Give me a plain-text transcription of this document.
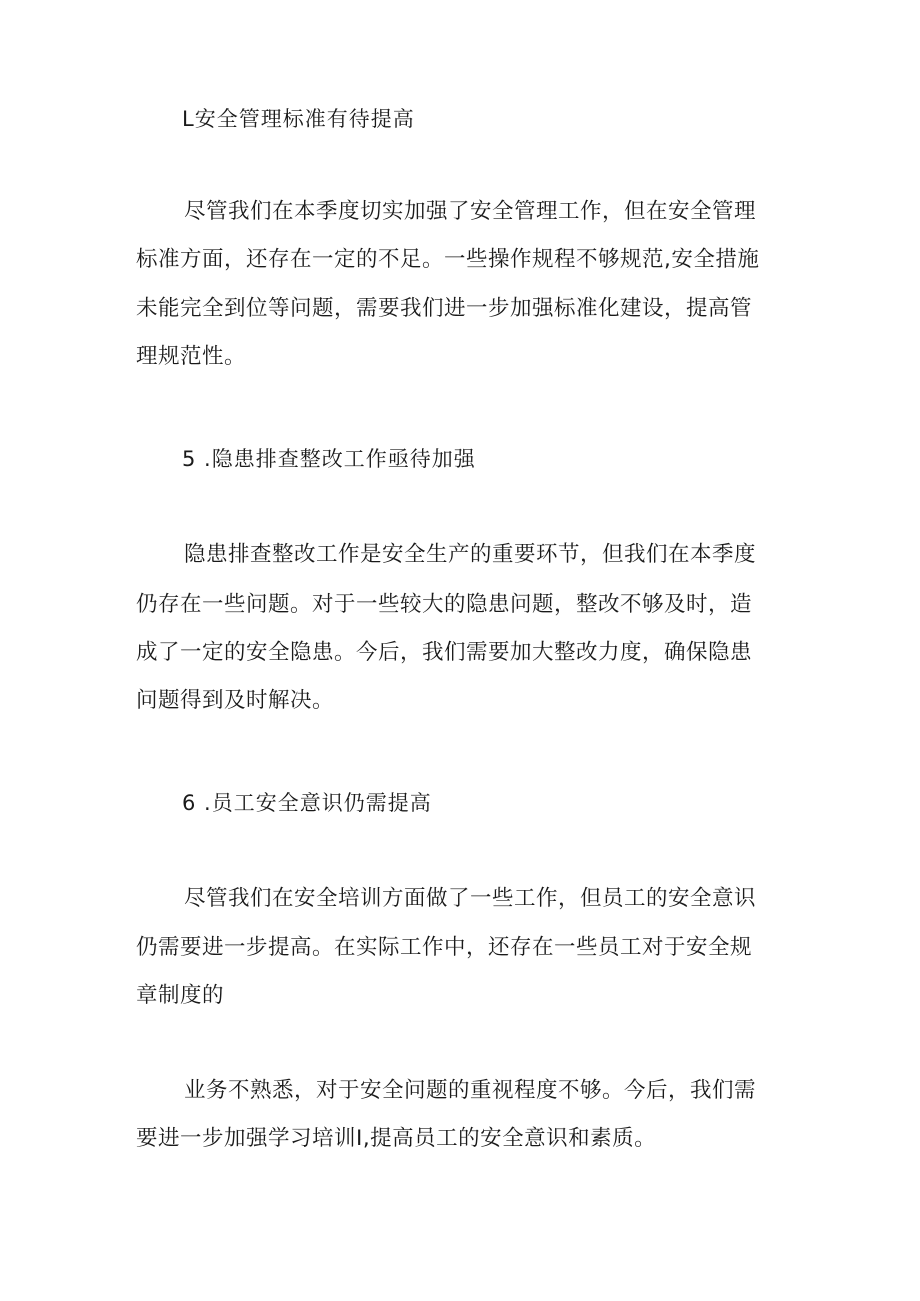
L安全管理标准有待提高
尽管我们在本季度切实加强了安全管理工作，但在安全管理
标准方面，还存在一定的不足。一些操作规程不够规范,安全措施
未能完全到位等问题，需要我们进一步加强标准化建设，提高管
理规范性。
5 .隐患排查整改工作亟待加强
隐患排查整改工作是安全生产的重要环节，但我们在本季度
仍存在一些问题。对于一些较大的隐患问题，整改不够及时，造
成了一定的安全隐患。今后，我们需要加大整改力度，确保隐患
问题得到及时解决。
6 .员工安全意识仍需提高
尽管我们在安全培训方面做了一些工作，但员工的安全意识
仍需要进一步提高。在实际工作中，还存在一些员工对于安全规
章制度的
业务不熟悉，对于安全问题的重视程度不够。今后，我们需
要进一步加强学习培训I,提高员工的安全意识和素质。
